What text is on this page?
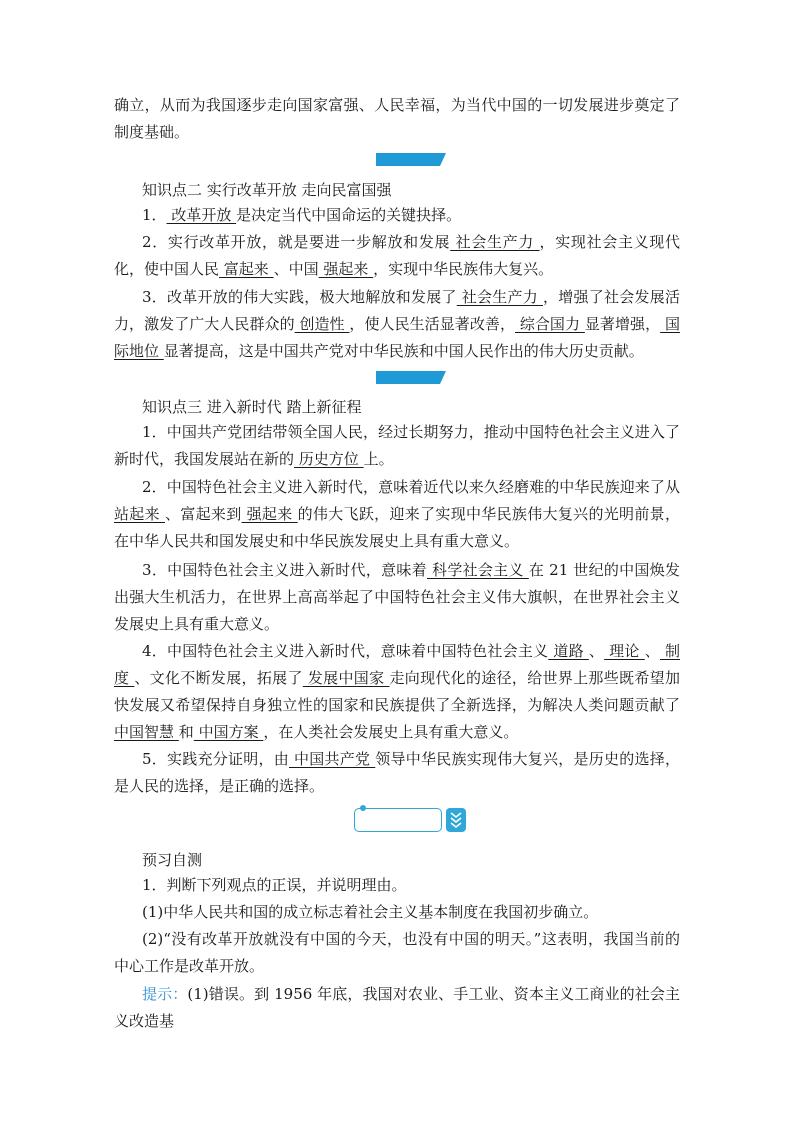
确立，从而为我国逐步走向国家富强、人民幸福，为当代中国的一切发展进步奠定了制度基础。

知识点二 实行改革开放 走向民富国强

1． 改革开放 是决定当代中国命运的关键抉择。

2．实行改革开放，就是要进一步解放和发展 社会生产力 ，实现社会主义现代化，使中国人民 富起来 、中国 强起来 ，实现中华民族伟大复兴。

3．改革开放的伟大实践，极大地解放和发展了 社会生产力 ，增强了社会发展活力，激发了广大人民群众的 创造性 ，使人民生活显著改善， 综合国力 显著增强， 国际地位 显著提高，这是中国共产党对中华民族和中国人民作出的伟大历史贡献。

知识点三 进入新时代 踏上新征程

1．中国共产党团结带领全国人民，经过长期努力，推动中国特色社会主义进入了新时代，我国发展站在新的 历史方位 上。

2．中国特色社会主义进入新时代，意味着近代以来久经磨难的中华民族迎来了从 站起来 、富起来到 强起来 的伟大飞跃，迎来了实现中华民族伟大复兴的光明前景，在中华人民共和国发展史和中华民族发展史上具有重大意义。

3．中国特色社会主义进入新时代，意味着 科学社会主义 在 21 世纪的中国焕发出强大生机活力，在世界上高高举起了中国特色社会主义伟大旗帜，在世界社会主义发展史上具有重大意义。

4．中国特色社会主义进入新时代，意味着中国特色社会主义 道路 、 理论 、 制度 、文化不断发展，拓展了 发展中国家 走向现代化的途径，给世界上那些既希望加快发展又希望保持自身独立性的国家和民族提供了全新选择，为解决人类问题贡献了 中国智慧 和 中国方案 ，在人类社会发展史上具有重大意义。

5．实践充分证明，由 中国共产党 领导中华民族实现伟大复兴，是历史的选择，是人民的选择，是正确的选择。

预习自测

1．判断下列观点的正误，并说明理由。

(1)中华人民共和国的成立标志着社会主义基本制度在我国初步确立。

(2)“没有改革开放就没有中国的今天，也没有中国的明天。”这表明，我国当前的中心工作是改革开放。

提示：(1)错误。到 1956 年底，我国对农业、手工业、资本主义工商业的社会主义改造基
